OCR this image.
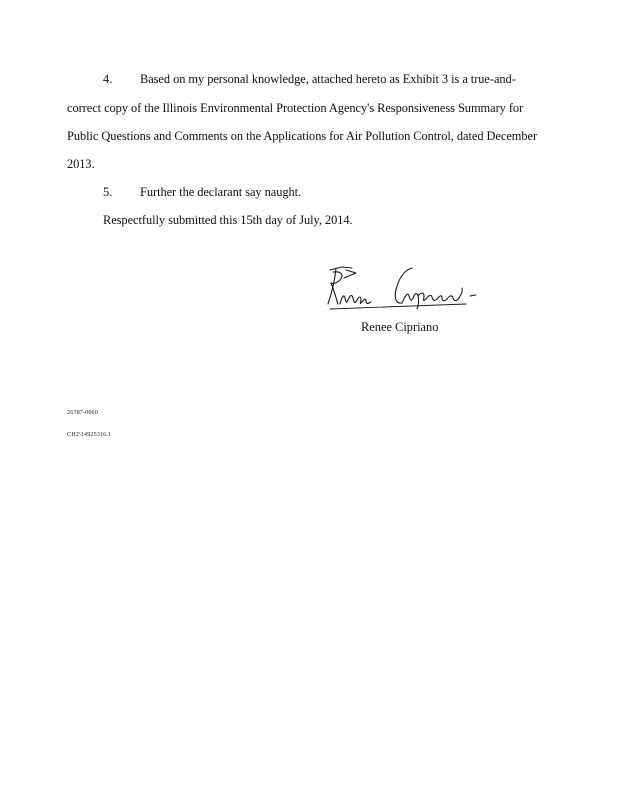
4. Based on my personal knowledge, attached hereto as Exhibit 3 is a true-and-
correct copy of the Illinois Environmental Protection Agency's Responsiveness Summary for
Public Questions and Comments on the Applications for Air Pollution Control, dated December
2013.
5. Further the declarant say naught.
Respectfully submitted this 15th day of July, 2014.
Renee Cipriano
26787-0060
CH2\14925316.1
